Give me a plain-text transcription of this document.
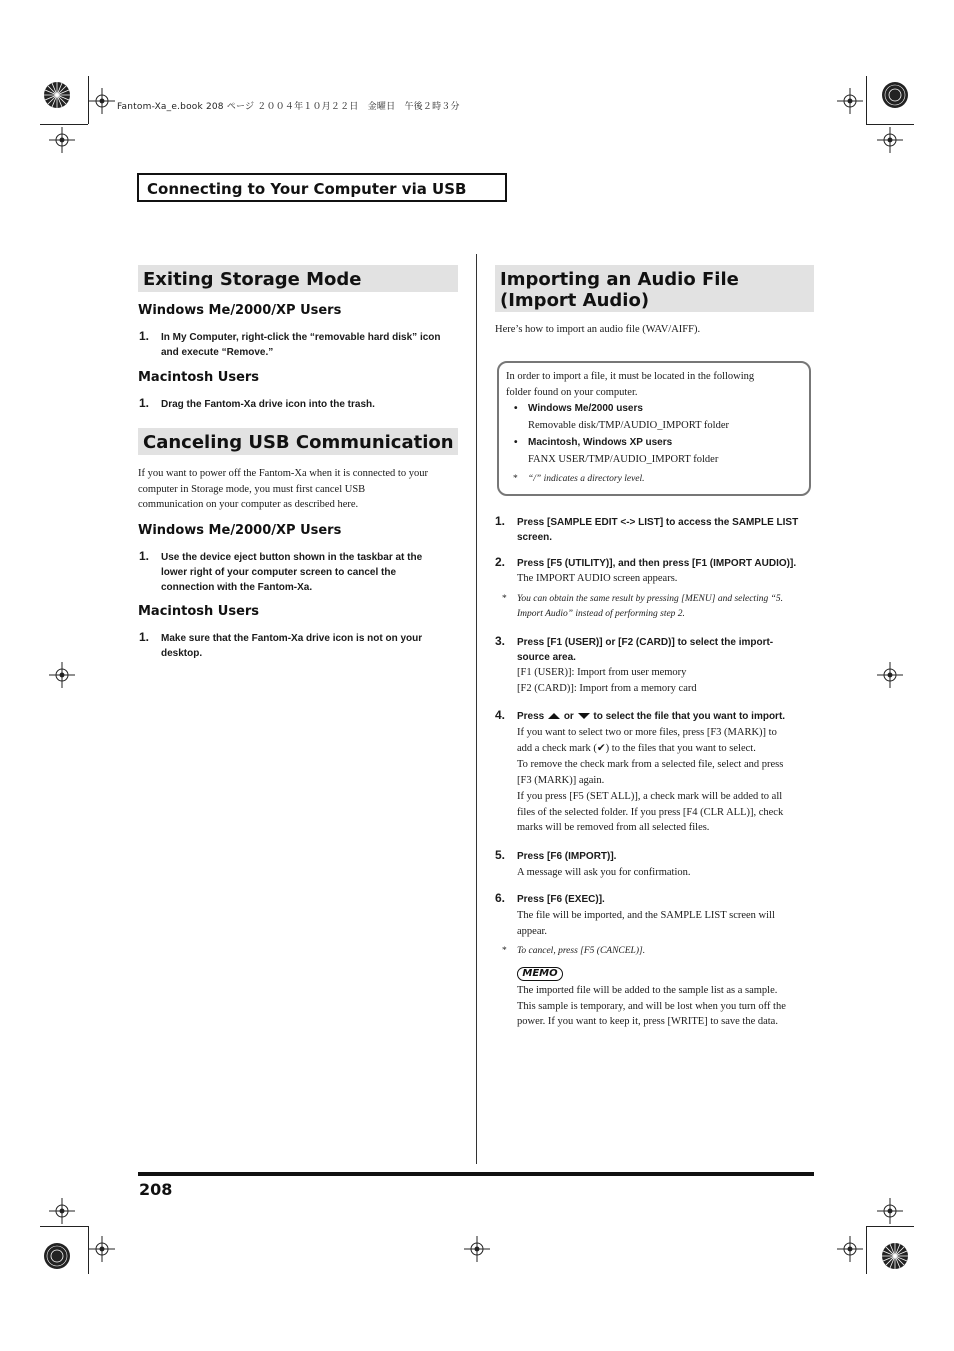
Fantom-Xa_e.book 208 ページ ２００４年１０月２２日　金曜日　午後２時３分
Connecting to Your Computer via USB
Exiting Storage Mode
Windows Me/2000/XP Users
1. In My Computer, right-click the “removable hard disk” icon
and execute “Remove.”
Macintosh Users
1. Drag the Fantom-Xa drive icon into the trash.
Canceling USB Communication
If you want to power off the Fantom-Xa when it is connected to your
computer in Storage mode, you must first cancel USB
communication on your computer as described here.
Windows Me/2000/XP Users
1. Use the device eject button shown in the taskbar at the
lower right of your computer screen to cancel the
connection with the Fantom-Xa.
Macintosh Users
1. Make sure that the Fantom-Xa drive icon is not on your
desktop.
Importing an Audio File
(Import Audio)
Here’s how to import an audio file (WAV/AIFF).
In order to import a file, it must be located in the following
folder found on your computer.
• Windows Me/2000 users
Removable disk/TMP/AUDIO_IMPORT folder
• Macintosh, Windows XP users
FANX USER/TMP/AUDIO_IMPORT folder
* “/” indicates a directory level.
1. Press [SAMPLE EDIT <-> LIST] to access the SAMPLE LIST
screen.
2. Press [F5 (UTILITY)], and then press [F1 (IMPORT AUDIO)].
The IMPORT AUDIO screen appears.
* You can obtain the same result by pressing [MENU] and selecting “5.
Import Audio” instead of performing step 2.
3. Press [F1 (USER)] or [F2 (CARD)] to select the import-
source area.
[F1 (USER)]: Import from user memory
[F2 (CARD)]: Import from a memory card
4. Press or to select the file that you want to import.
If you want to select two or more files, press [F3 (MARK)] to
add a check mark (✔) to the files that you want to select.

To remove the check mark from a selected file, select and press
[F3 (MARK)] again.

If you press [F5 (SET ALL)], a check mark will be added to all
files of the selected folder. If you press [F4 (CLR ALL)], check
marks will be removed from all selected files.
5. Press [F6 (IMPORT)].
A message will ask you for confirmation.
6. Press [F6 (EXEC)].
The file will be imported, and the SAMPLE LIST screen will
appear.
* To cancel, press [F5 (CANCEL)].
MEMO
The imported file will be added to the sample list as a sample.
This sample is temporary, and will be lost when you turn off the
power. If you want to keep it, press [WRITE] to save the data.
208
